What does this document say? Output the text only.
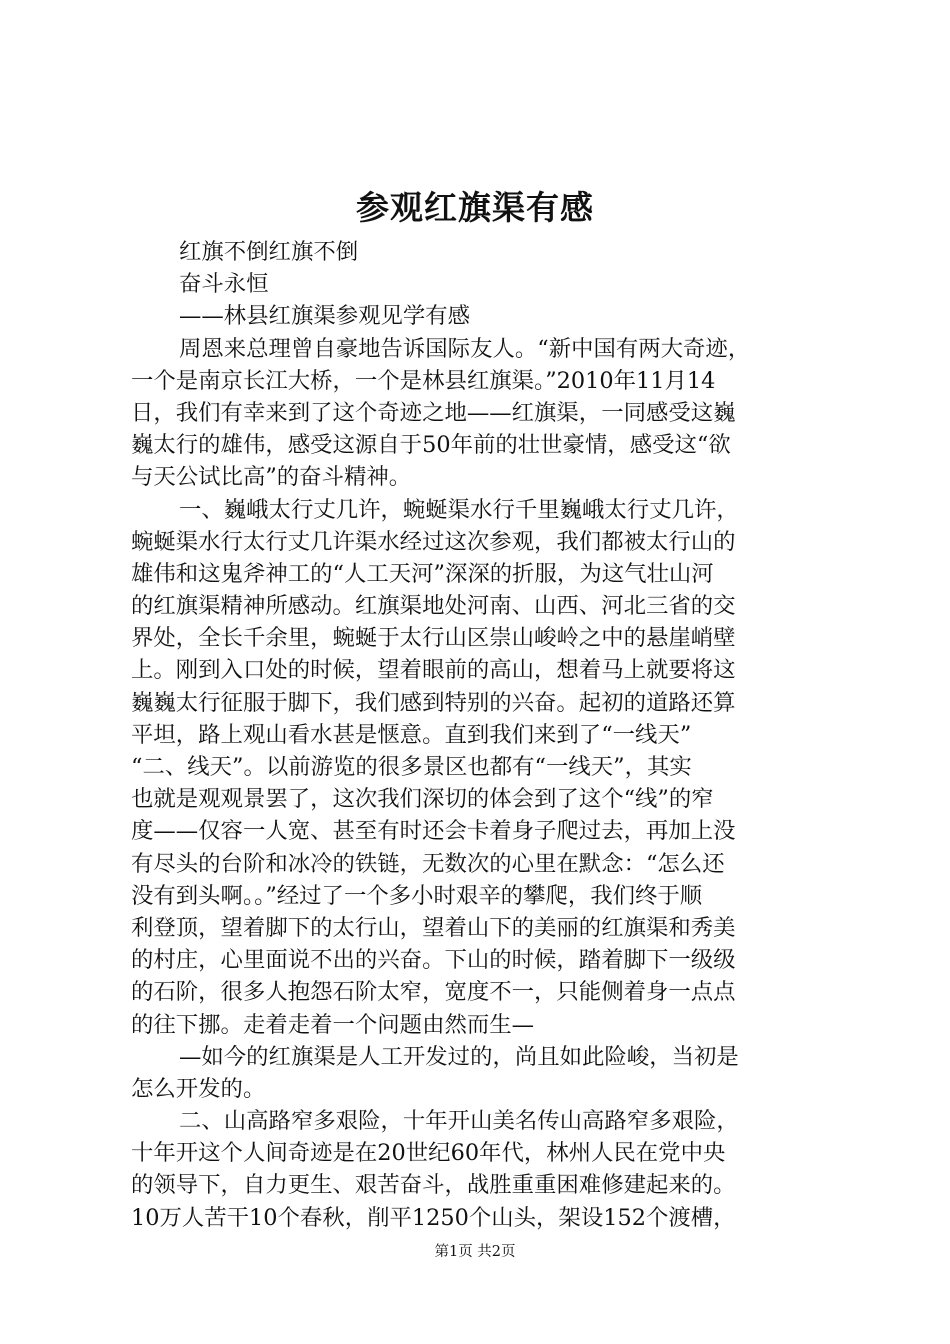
参观红旗渠有感

红旗不倒红旗不倒

奋斗永恒

——林县红旗渠参观见学有感

周恩来总理曾自豪地告诉国际友人。“新中国有两大奇迹，

一个是南京长江大桥，一个是林县红旗渠。”2010年11月14

日，我们有幸来到了这个奇迹之地——红旗渠，一同感受这巍

巍太行的雄伟，感受这源自于50年前的壮世豪情，感受这“欲

与天公试比高”的奋斗精神。

一、巍峨太行丈几许，蜿蜒渠水行千里巍峨太行丈几许，

蜿蜒渠水行太行丈几许渠水经过这次参观，我们都被太行山的

雄伟和这鬼斧神工的“人工天河”深深的折服，为这气壮山河

的红旗渠精神所感动。红旗渠地处河南、山西、河北三省的交

界处，全长千余里，蜿蜒于太行山区崇山峻岭之中的悬崖峭壁

上。刚到入口处的时候，望着眼前的高山，想着马上就要将这

巍巍太行征服于脚下，我们感到特别的兴奋。起初的道路还算

平坦，路上观山看水甚是惬意。直到我们来到了“一线天”

“二、线天”。以前游览的很多景区也都有“一线天”，其实

也就是观观景罢了，这次我们深切的体会到了这个“线”的窄

度——仅容一人宽、甚至有时还会卡着身子爬过去，再加上没

有尽头的台阶和冰冷的铁链，无数次的心里在默念：“怎么还

没有到头啊。。”经过了一个多小时艰辛的攀爬，我们终于顺

利登顶，望着脚下的太行山，望着山下的美丽的红旗渠和秀美

的村庄，心里面说不出的兴奋。下山的时候，踏着脚下一级级

的石阶，很多人抱怨石阶太窄，宽度不一，只能侧着身一点点

的往下挪。走着走着一个问题由然而生—

—如今的红旗渠是人工开发过的，尚且如此险峻，当初是

怎么开发的。

二、山高路窄多艰险，十年开山美名传山高路窄多艰险，

十年开这个人间奇迹是在20世纪60年代，林州人民在党中央

的领导下，自力更生、艰苦奋斗，战胜重重困难修建起来的。

10万人苦干10个春秋，削平1250个山头，架设152个渡槽，

第1页 共2页
